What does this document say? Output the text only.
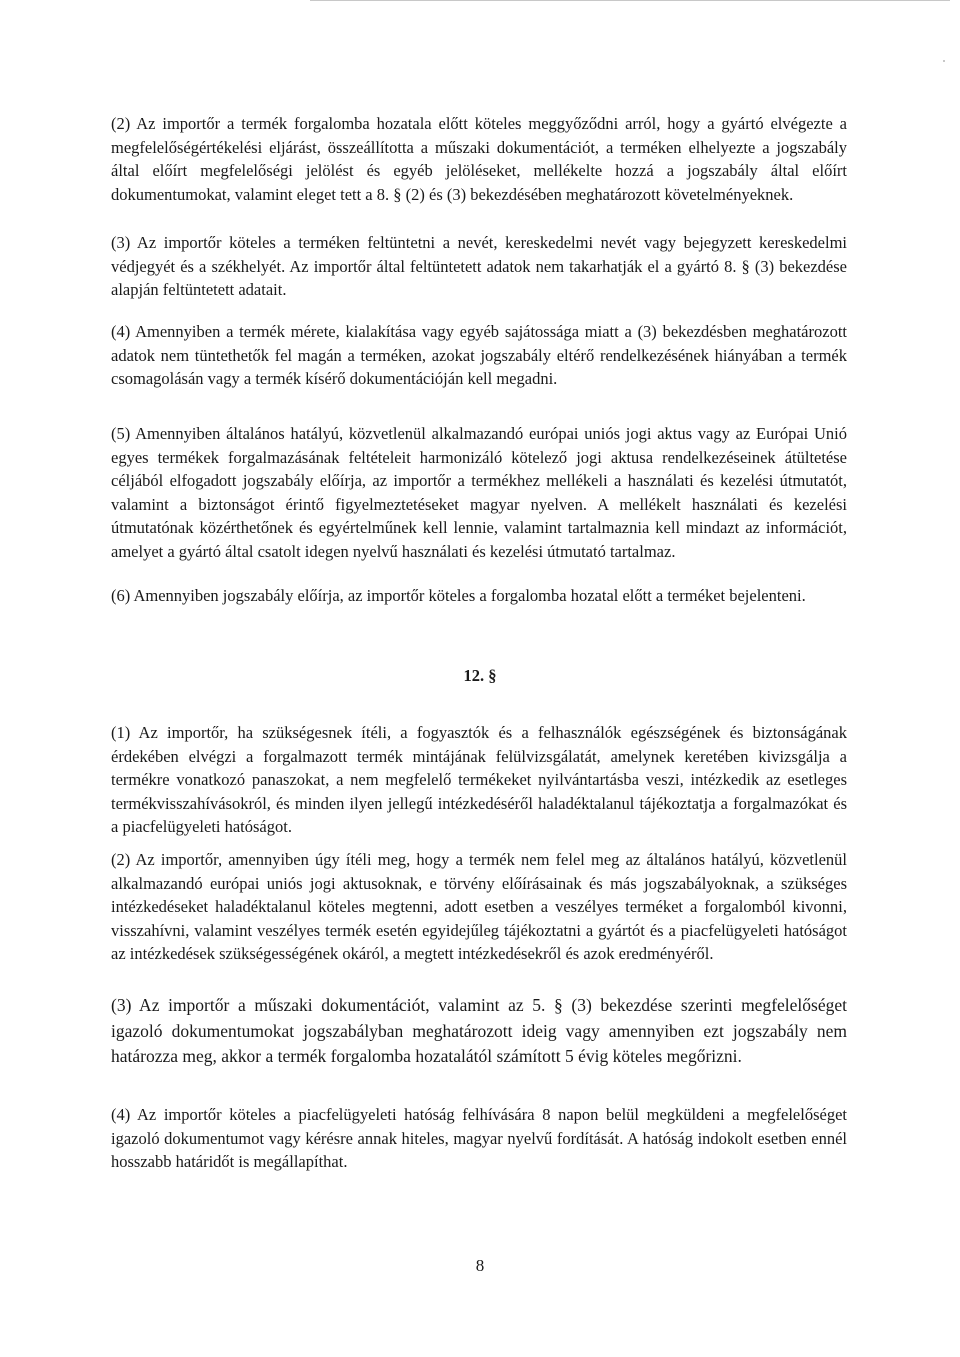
(2) Az importőr a termék forgalomba hozatala előtt köteles meggyőződni arról, hogy a gyártó elvégezte a megfelelőségértékelési eljárást, összeállította a műszaki dokumentációt, a terméken elhelyezte a jogszabály által előírt megfelelőségi jelölést és egyéb jelöléseket, mellékelte hozzá a jogszabály által előírt dokumentumokat, valamint eleget tett a 8. § (2) és (3) bekezdésében meghatározott követelményeknek.

(3) Az importőr köteles a terméken feltüntetni a nevét, kereskedelmi nevét vagy bejegyzett kereskedelmi védjegyét és a székhelyét. Az importőr által feltüntetett adatok nem takarhatják el a gyártó 8. § (3) bekezdése alapján feltüntetett adatait.

(4) Amennyiben a termék mérete, kialakítása vagy egyéb sajátossága miatt a (3) bekezdésben meghatározott adatok nem tüntethetők fel magán a terméken, azokat jogszabály eltérő rendelkezésének hiányában a termék csomagolásán vagy a termék kísérő dokumentációján kell megadni.

(5) Amennyiben általános hatályú, közvetlenül alkalmazandó európai uniós jogi aktus vagy az Európai Unió egyes termékek forgalmazásának feltételeit harmonizáló kötelező jogi aktusa rendelkezéseinek átültetése céljából elfogadott jogszabály előírja, az importőr a termékhez mellékeli a használati és kezelési útmutatót, valamint a biztonságot érintő figyelmeztetéseket magyar nyelven. A mellékelt használati és kezelési útmutatónak közérthetőnek és egyértelműnek kell lennie, valamint tartalmaznia kell mindazt az információt, amelyet a gyártó által csatolt idegen nyelvű használati és kezelési útmutató tartalmaz.

(6) Amennyiben jogszabály előírja, az importőr köteles a forgalomba hozatal előtt a terméket bejelenteni.

12. §

(1) Az importőr, ha szükségesnek ítéli, a fogyasztók és a felhasználók egészségének és biztonságának érdekében elvégzi a forgalmazott termék mintájának felülvizsgálatát, amelynek keretében kivizsgálja a termékre vonatkozó panaszokat, a nem megfelelő termékeket nyilvántartásba veszi, intézkedik az esetleges termékvisszahívásokról, és minden ilyen jellegű intézkedéséről haladéktalanul tájékoztatja a forgalmazókat és a piacfelügyeleti hatóságot.

(2) Az importőr, amennyiben úgy ítéli meg, hogy a termék nem felel meg az általános hatályú, közvetlenül alkalmazandó európai uniós jogi aktusoknak, e törvény előírásainak és más jogszabályoknak, a szükséges intézkedéseket haladéktalanul köteles megtenni, adott esetben a veszélyes terméket a forgalomból kivonni, visszahívni, valamint veszélyes termék esetén egyidejűleg tájékoztatni a gyártót és a piacfelügyeleti hatóságot az intézkedések szükségességének okáról, a megtett intézkedésekről és azok eredményéről.

(3) Az importőr a műszaki dokumentációt, valamint az 5. § (3) bekezdése szerinti megfelelőséget igazoló dokumentumokat jogszabályban meghatározott ideig vagy amennyiben ezt jogszabály nem határozza meg, akkor a termék forgalomba hozatalától számított 5 évig köteles megőrizni.

(4) Az importőr köteles a piacfelügyeleti hatóság felhívására 8 napon belül megküldeni a megfelelőséget igazoló dokumentumot vagy kérésre annak hiteles, magyar nyelvű fordítását. A hatóság indokolt esetben ennél hosszabb határidőt is megállapíthat.

8
